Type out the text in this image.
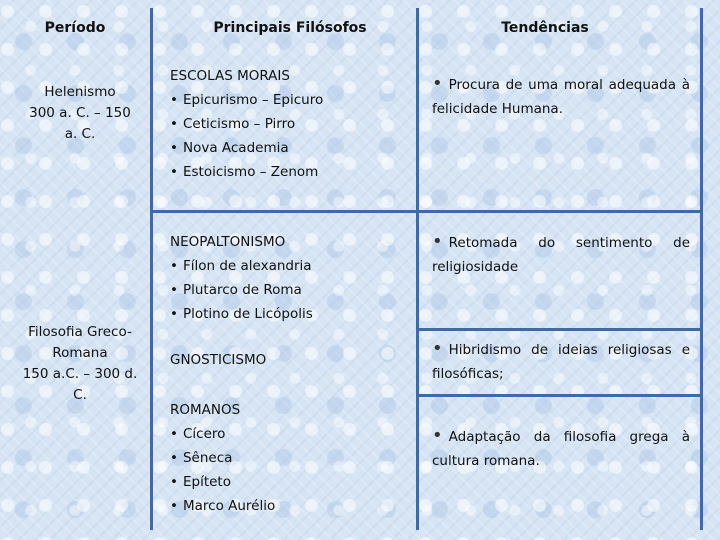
Período	Principais Filósofos	Tendências
Helenismo
300 a. C. – 150 a. C.
Filosofia Greco-Romana
150 a.C. – 300 d. C.
ESCOLAS MORAIS
• Epicurismo – Epicuro
• Ceticismo – Pirro
• Nova Academia
• Estoicismo – Zenom
NEOPALTONISMO
• Fílon de alexandria
• Plutarco de Roma
• Plotino de Licópolis
GNOSTICISMO
ROMANOS
• Cícero
• Sêneca
• Epíteto
• Marco Aurélio
• Procura de uma moral adequada à felicidade Humana.
• Retomada do sentimento de religiosidade
• Hibridismo de ideias religiosas e filosóficas;
• Adaptação da filosofia grega à cultura romana.
